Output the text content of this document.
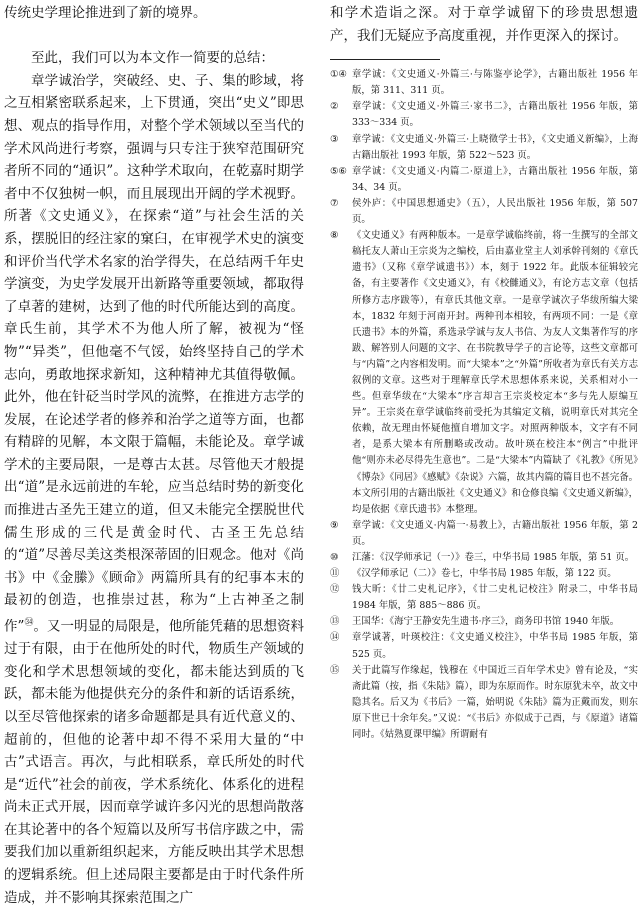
传统史学理论推进到了新的境界。

至此，我们可以为本文作一简要的总结：

章学诚治学，突破经、史、子、集的畛域，将之互相紧密联系起来，上下贯通，突出“史义”即思想、观点的指导作用，对整个学术领域以至当代的学术风尚进行考察，强调与只专注于狭窄范围研究者所不同的“通识”。这种学术取向，在乾嘉时期学者中不仅独树一帜，而且展现出开阔的学术视野。所著《文史通义》，在探索“道”与社会生活的关系，摆脱旧的经注家的窠臼，在审视学术史的演变和评价当代学术名家的治学得失，在总结两千年史学演变，为史学发展开出新路等重要领域，都取得了卓著的建树，达到了他的时代所能达到的高度。章氏生前，其学术不为他人所了解，被视为“怪物”“异类”，但他毫不气馁，始终坚持自己的学术志向，勇敢地探求新知，这种精神尤其值得敬佩。此外，他在针砭当时学风的流弊，在推进方志学的发展，在论述学者的修养和治学之道等方面，也都有精辟的见解，本文限于篇幅，未能论及。章学诚学术的主要局限，一是尊古太甚。尽管他天才般提出“道”是永远前进的车轮，应当总结时势的新变化而推进古圣先王建立的道，但又未能完全摆脱世代儒生形成的三代是黄金时代、古圣王先总结的“道”尽善尽美这类根深蒂固的旧观念。他对《尚书》中《金縢》《顾命》两篇所具有的纪事本末的最初的创造，也推崇过甚，称为“上古神圣之制作”$^㉞$。又一明显的局限是，他所能凭藉的思想资料过于有限，由于在他所处的时代，物质生产领域的变化和学术思想领域的变化，都未能达到质的飞跃，都未能为他提供充分的条件和新的话语系统，以至尽管他探索的诸多命题都是具有近代意义的、超前的，但他的论著中却不得不采用大量的“中古”式语言。再次，与此相联系，章氏所处的时代是“近代”社会的前夜，学术系统化、体系化的进程尚未正式开展，因而章学诚许多闪光的思想尚散落在其论著中的各个短篇以及所写书信序跋之中，需要我们加以重新组织起来，方能反映出其学术思想的逻辑系统。但上述局限主要都是由于时代条件所造成，并不影响其探索范围之广

和学术造诣之深。对于章学诚留下的珍贵思想遗产，我们无疑应予高度重视，并作更深入的探讨。

①④ 章学诚：《文史通义·外篇三·与陈鉴亭论学》，古籍出版社 1956 年版，第 311、311 页。
② 章学诚：《文史通义·外篇三·家书二》，古籍出版社 1956 年版，第 333～334 页。
③ 章学诚：《文史通义·外篇三·上晓徵学士书》，《文史通义新编》，上海古籍出版社 1993 年版，第 522～523 页。
⑤⑥ 章学诚：《文史通义·内篇二·原道上》，古籍出版社 1956 年版，第 34、34 页。
⑦ 侯外庐：《中国思想通史》（五），人民出版社 1956 年版，第 507 页。
⑧ 《文史通义》有两种版本。一是章学诚临终前，将一生撰写的全部文稿托友人萧山王宗炎为之编校，后由嘉业堂主人刘承幹刊刻的《章氏遗书》（又称《章学诚遗书》）本，刻于 1922 年。此版本征辑较完备，有主要著作《文史通义》，有《校雠通义》，有论方志文章（包括所修方志序跋等），有章氏其他文章。一是章学诚次子华绂所编大梁本，1832 年刻于河南开封。两种刊本相较，有两项不同：一是《章氏遗书》本的外篇，系选录学诚与友人书信、为友人文集著作写的序跋、解答别人问题的文字、在书院教导学子的言论等，这些文章都可与“内篇”之内容相发明。而“大梁本”之“外篇”所收者为章氏有关方志叙例的文章。这些对于理解章氏学术思想体系来说，关系相对小一些。但章华绂在“大梁本”序言却言王宗炎校定本“多与先人原编互异”。王宗炎在章学诚临终前受托为其编定文稿，说明章氏对其完全依赖，故无理由怀疑他擅自增加文字。对照两种版本，文字有不同者，是系大梁本有所删略或改动。故叶瑛在校注本“例言”中批评他“则亦未必尽得先生意也”。二是“大梁本”内篇缺了《礼教》《所见》《博杂》《同居》《感赋》《杂说》六篇，故其内篇的篇目也不甚完备。本文所引用的古籍出版社《文史通义》和仓修良编《文史通义新编》，均是依据《章氏遗书》本整理。
⑨ 章学诚：《文史通义·内篇一·易教上》，古籍出版社 1956 年版，第 2 页。
⑩ 江藩：《汉学师承记（一）》卷三，中华书局 1985 年版，第 51 页。
⑪ 《汉学师承记（二）》卷七，中华书局 1985 年版，第 122 页。
⑫ 钱大昕：《廿二史札记序》，《廿二史札记校注》附录二，中华书局 1984 年版，第 885～886 页。
⑬ 王国华：《海宁王静安先生遗书·序三》，商务印书馆 1940 年版。
⑭ 章学诚著，叶瑛校注：《文史通义校注》，中华书局 1985 年版，第 525 页。
⑮ 关于此篇写作缘起，钱穆在《中国近三百年学术史》曾有论及，“实斋此篇（按，指《朱陆》篇），即为东原而作。时东原犹未卒，故文中隐其名。后又为《书后》一篇，始明说《朱陆》篇为正戴而发，则东原下世已十余年矣。”又说：“《书后》亦似成于己酉，与《原道》诸篇同时。《姑熟夏课甲编》所谓耐有
